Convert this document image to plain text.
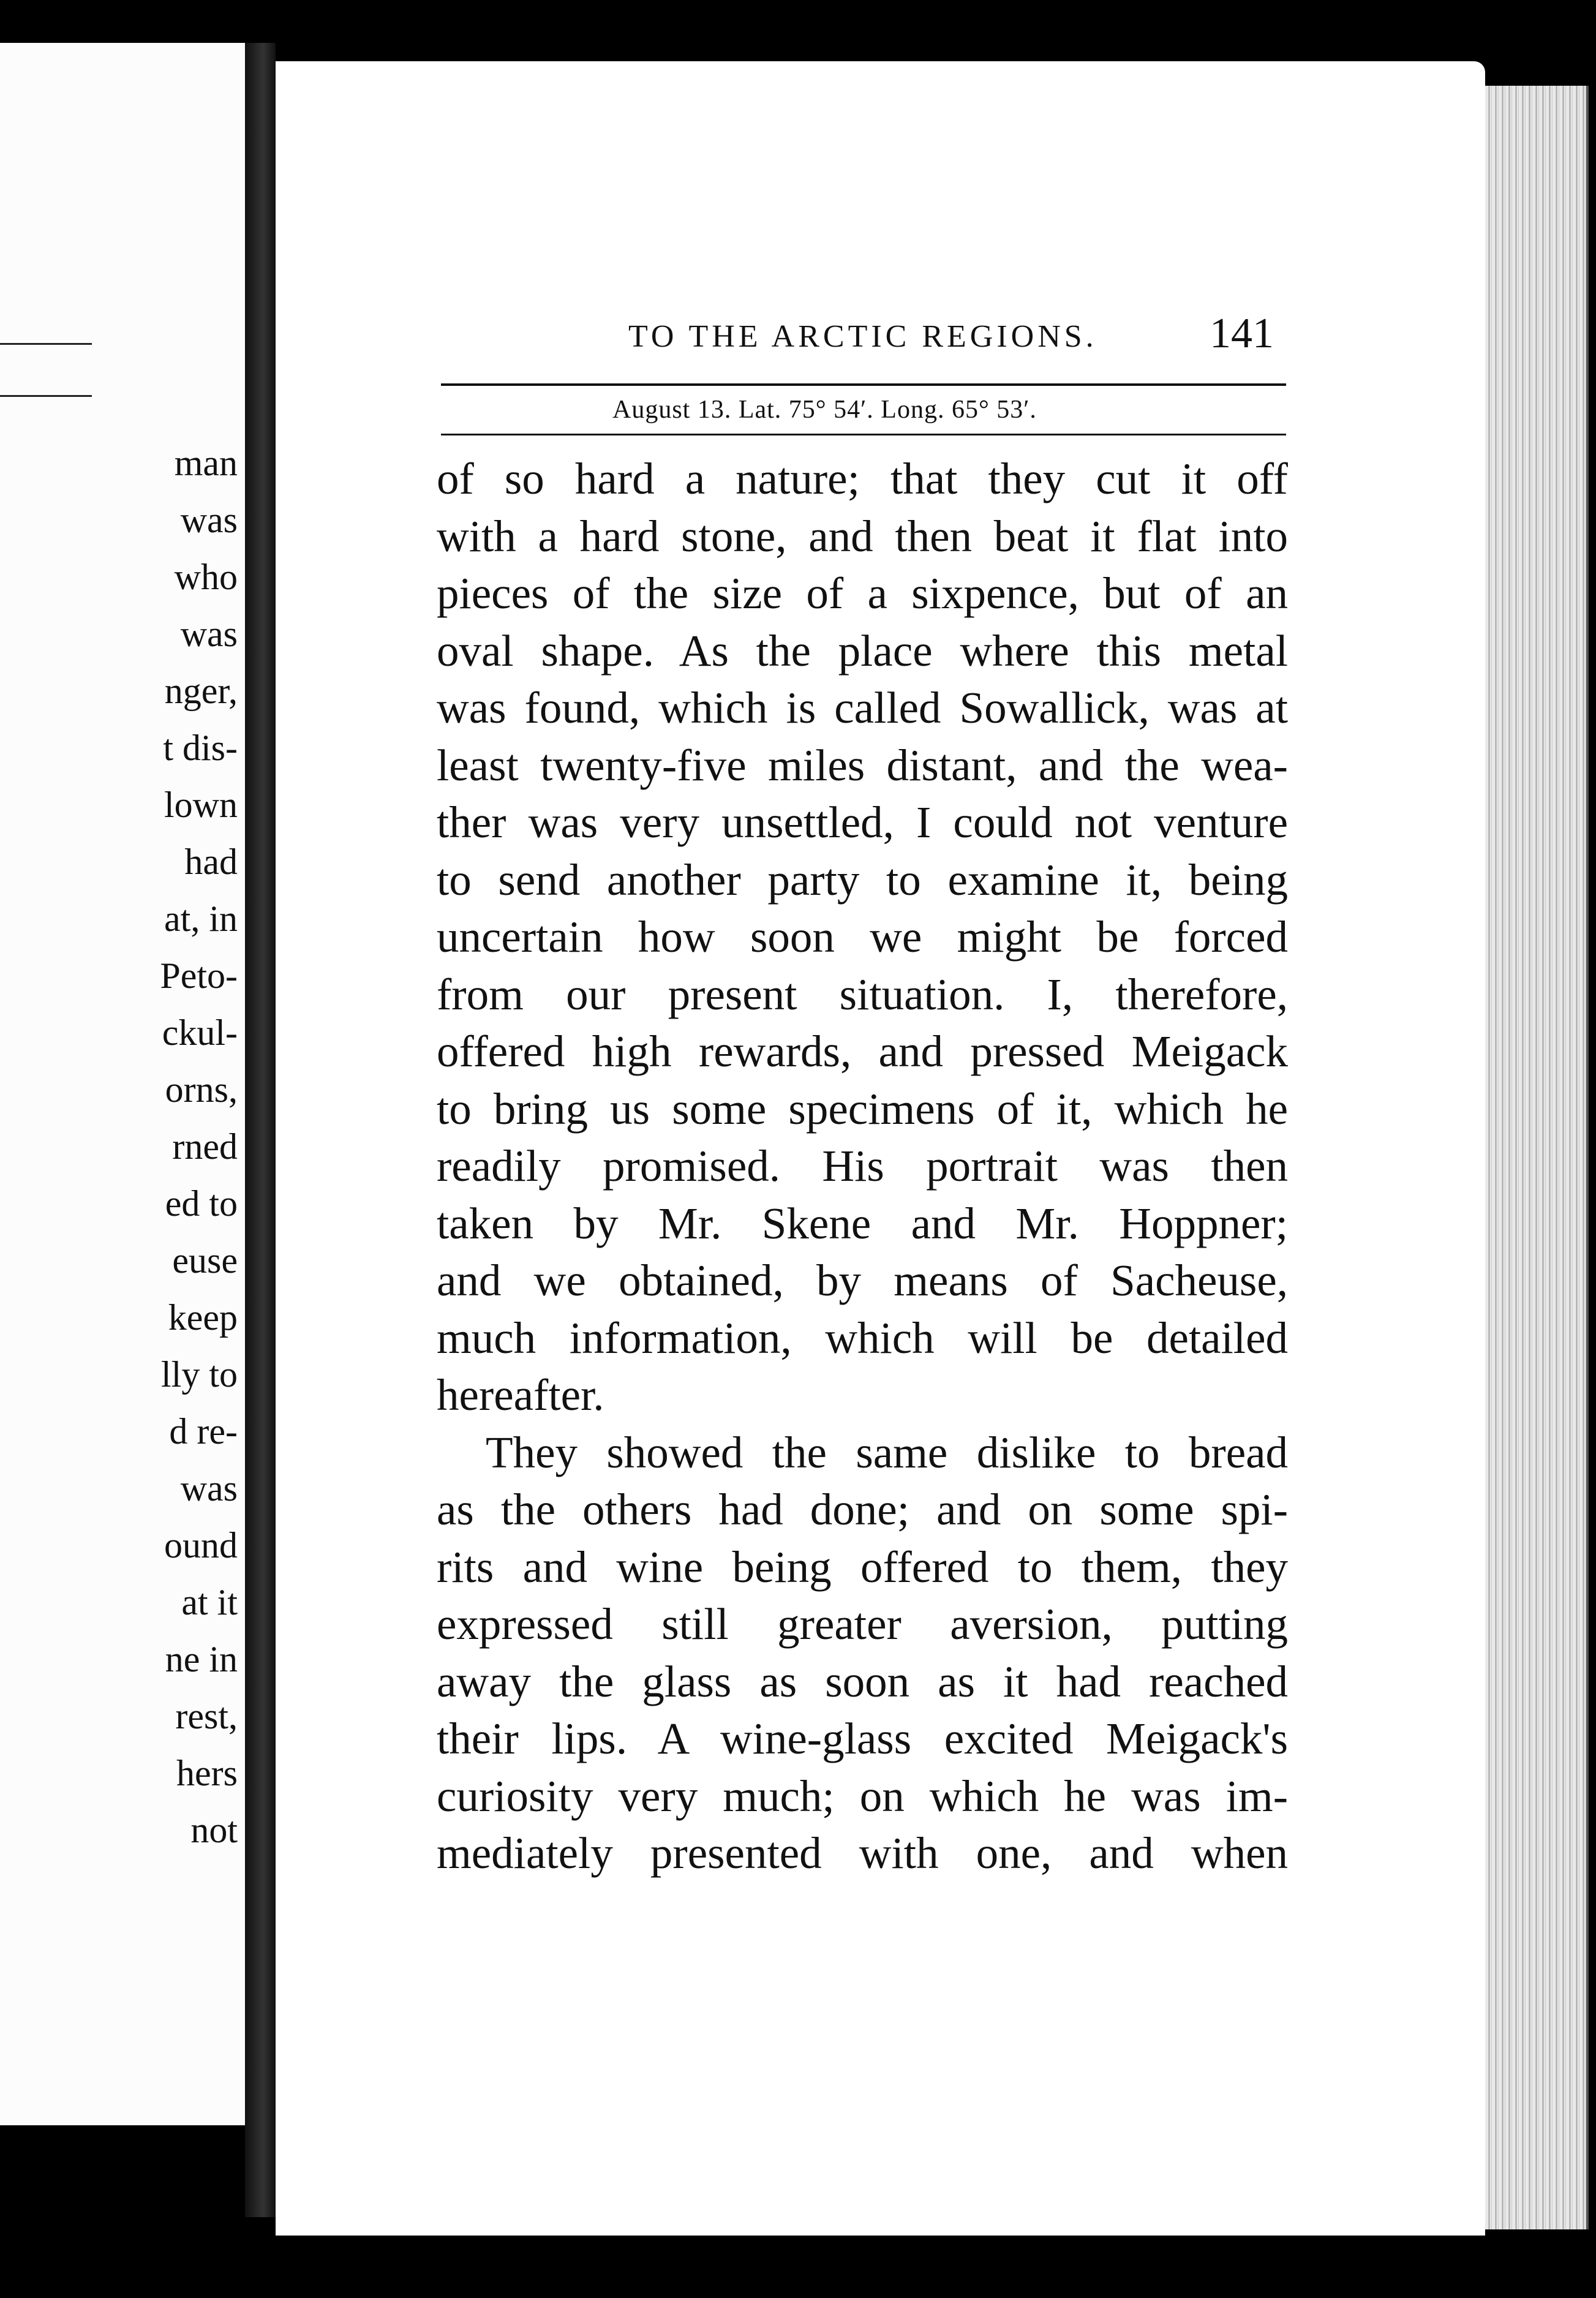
man
was
who
was
nger,
t dis-
lown
had
at, in
Peto-
ckul-
orns,
rned
ed to
euse
keep
lly to
d re-
was
ound
at it
ne in
rest,
hers
not
TO THE ARCTIC REGIONS.	141
August 13. Lat. 75° 54′. Long. 65° 53′.
of so hard a nature; that they cut it off
with a hard stone, and then beat it flat into
pieces of the size of a sixpence, but of an
oval shape. As the place where this metal
was found, which is called Sowallick, was at
least twenty-five miles distant, and the wea-
ther was very unsettled, I could not venture
to send another party to examine it, being
uncertain how soon we might be forced
from our present situation. I, therefore,
offered high rewards, and pressed Meigack
to bring us some specimens of it, which he
readily promised. His portrait was then
taken by Mr. Skene and Mr. Hoppner;
and we obtained, by means of Sacheuse,
much information, which will be detailed
hereafter.
They showed the same dislike to bread
as the others had done; and on some spi-
rits and wine being offered to them, they
expressed still greater aversion, putting
away the glass as soon as it had reached
their lips. A wine-glass excited Meigack's
curiosity very much; on which he was im-
mediately presented with one, and when
